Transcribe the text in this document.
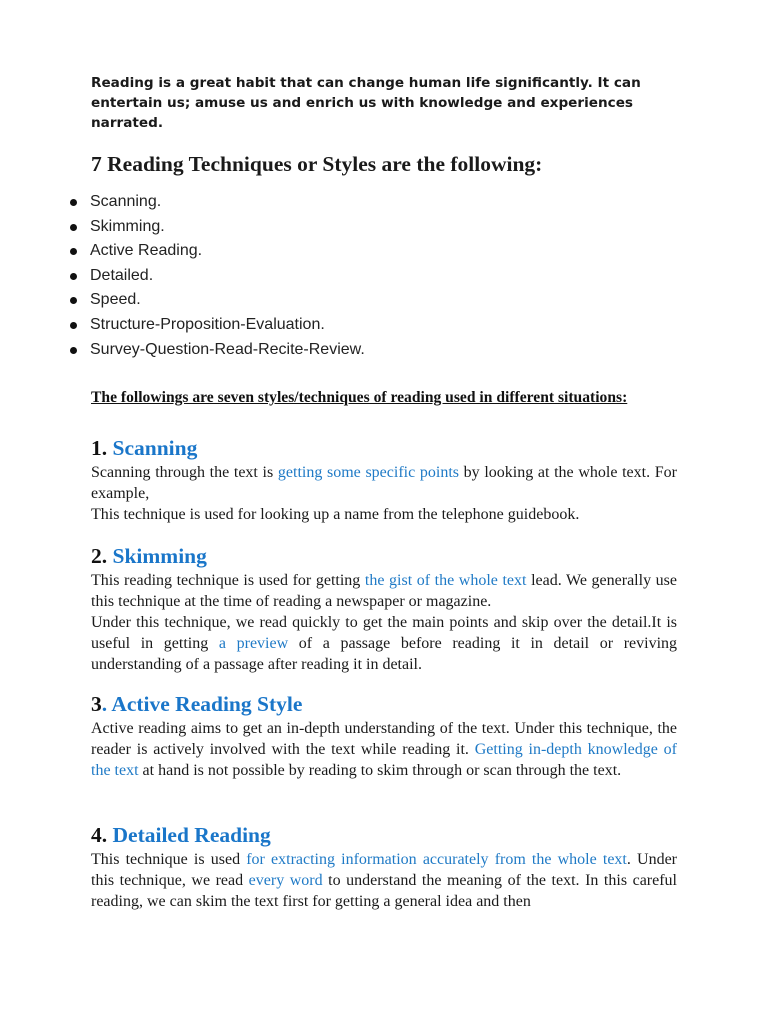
Reading is a great habit that can change human life significantly. It can entertain us; amuse us and enrich us with knowledge and experiences narrated.
7 Reading Techniques or Styles are the following:
Scanning.
Skimming.
Active Reading.
Detailed.
Speed.
Structure-Proposition-Evaluation.
Survey-Question-Read-Recite-Review.
The followings are seven styles/techniques of reading used in different situations:
1. Scanning

Scanning through the text is getting some specific points by looking at the whole text. For example,

This technique is used for looking up a name from the telephone guidebook.

2. Skimming

This reading technique is used for getting the gist of the whole text lead. We generally use this technique at the time of reading a newspaper or magazine.

Under this technique, we read quickly to get the main points and skip over the detail.It is useful in getting a preview of a passage before reading it in detail or reviving understanding of a passage after reading it in detail.

3. Active Reading Style

Active reading aims to get an in-depth understanding of the text. Under this technique, the reader is actively involved with the text while reading it. Getting in-depth knowledge of the text at hand is not possible by reading to skim through or scan through the text.

4. Detailed Reading

This technique is used for extracting information accurately from the whole text. Under this technique, we read every word to understand the meaning of the text. In this careful reading, we can skim the text first for getting a general idea and then
